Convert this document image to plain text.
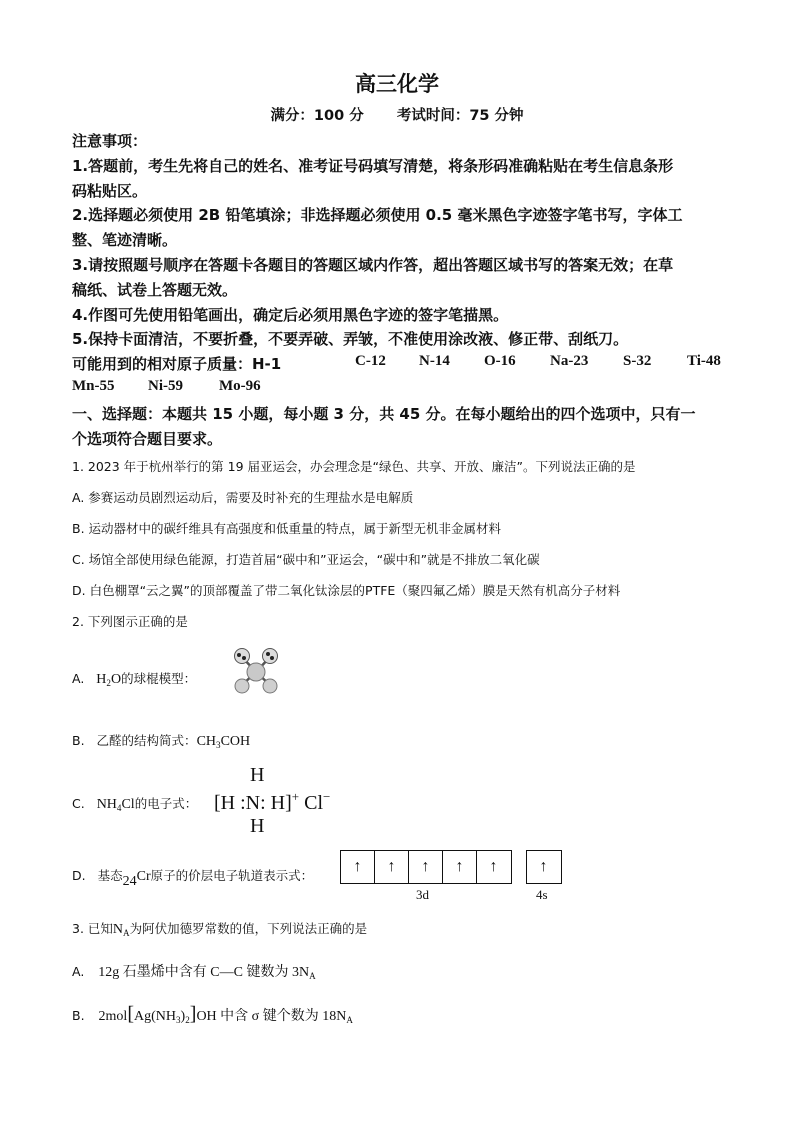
高三化学
满分：100 分 考试时间：75 分钟
注意事项：
1.答题前，考生先将自己的姓名、准考证号码填写清楚，将条形码准确粘贴在考生信息条形
码粘贴区。
2.选择题必须使用 2B 铅笔填涂；非选择题必须使用 0.5 毫米黑色字迹签字笔书写，字体工
整、笔迹清晰。
3.请按照题号顺序在答题卡各题目的答题区域内作答，超出答题区域书写的答案无效；在草
稿纸、试卷上答题无效。
4.作图可先使用铅笔画出，确定后必须用黑色字迹的签字笔描黑。
5.保持卡面清洁，不要折叠，不要弄破、弄皱，不准使用涂改液、修正带、刮纸刀。
可能用到的相对原子质量：H-1	C-12 N-14 O-16 Na-23 S-32 Ti-48
Mn-55 Ni-59 Mo-96
一、选择题：本题共 15 小题，每小题 3 分，共 45 分。在每小题给出的四个选项中，只有一
个选项符合题目要求。
1. 2023 年于杭州举行的第 19 届亚运会，办会理念是“绿色、共享、开放、廉洁”。下列说法正确的是
A. 参赛运动员剧烈运动后，需要及时补充的生理盐水是电解质
B. 运动器材中的碳纤维具有高强度和低重量的特点，属于新型无机非金属材料
C. 场馆全部使用绿色能源，打造首届“碳中和”亚运会，“碳中和”就是不排放二氧化碳
D. 白色棚罩“云之翼”的顶部覆盖了带二氧化钛涂层的PTFE（聚四氟乙烯）膜是天然有机高分子材料
2. 下列图示正确的是
A. $H_2O$的球棍模型：
B. 乙醛的结构简式：$CH_3COH$
C. $NH_4Cl$的电子式：
H
[H :N: H]+ Cl−
H
D. 基态24Cr原子的价层电子轨道表示式：
↑	↑	↑	↑	↑	↑
3d	4s
3. 已知$N_A$为阿伏加德罗常数的值，下列说法正确的是
A. 12g 石墨烯中含有 C—C 键数为 $3N_A$
B. $2mol[Ag(NH_3)_2]OH$ 中含 σ 键个数为 $18N_A$
